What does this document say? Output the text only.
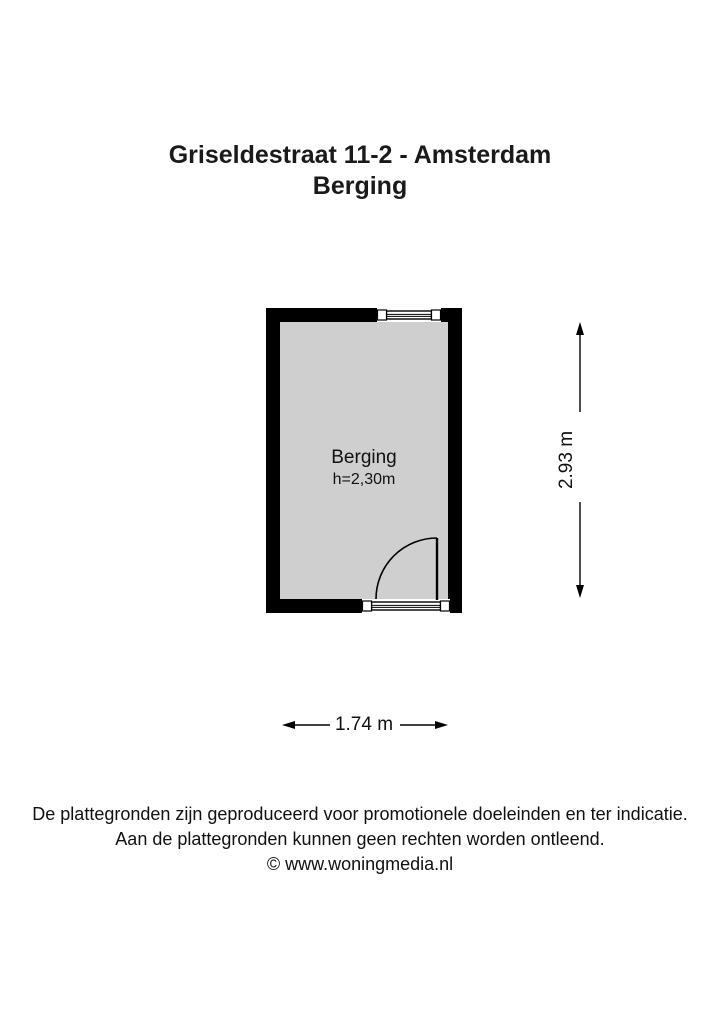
Griseldestraat 11-2 - Amsterdam
Berging
Berging
h=2,30m	2.93 m
1.74 m
De plattegronden zijn geproduceerd voor promotionele doeleinden en ter indicatie.
Aan de plattegronden kunnen geen rechten worden ontleend.
© www.woningmedia.nl
